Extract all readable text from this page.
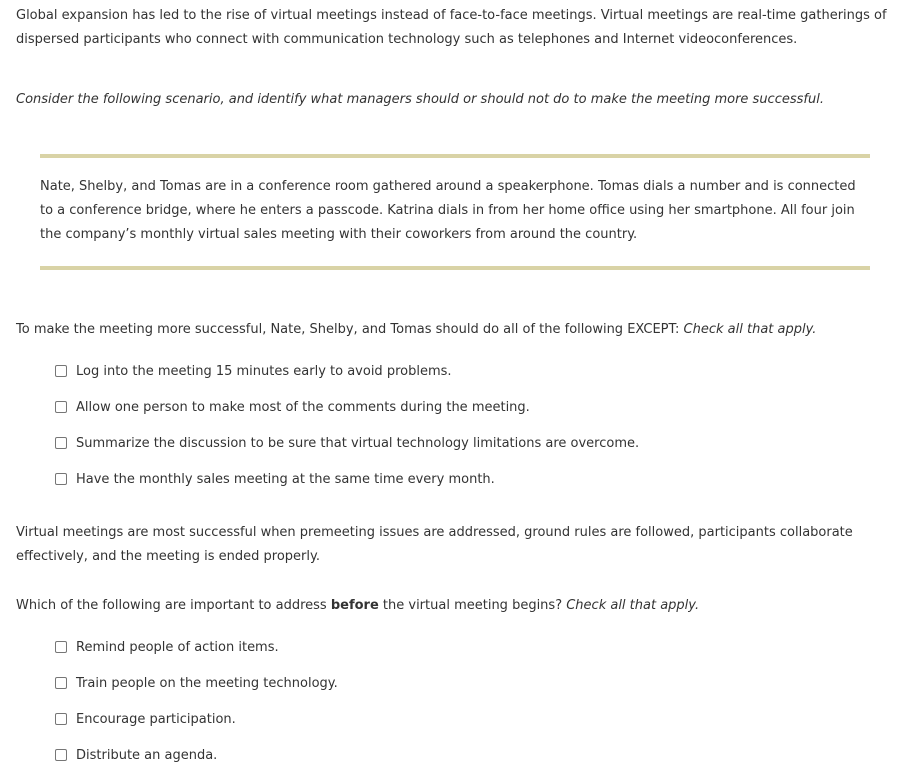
Global expansion has led to the rise of virtual meetings instead of face-to-face meetings. Virtual meetings are real-time gatherings of dispersed participants who connect with communication technology such as telephones and Internet videoconferences.

Consider the following scenario, and identify what managers should or should not do to make the meeting more successful.

Nate, Shelby, and Tomas are in a conference room gathered around a speakerphone. Tomas dials a number and is connected to a conference bridge, where he enters a passcode. Katrina dials in from her home office using her smartphone. All four join the company’s monthly virtual sales meeting with their coworkers from around the country.

To make the meeting more successful, Nate, Shelby, and Tomas should do all of the following EXCEPT: Check all that apply.

Log into the meeting 15 minutes early to avoid problems.
Allow one person to make most of the comments during the meeting.
Summarize the discussion to be sure that virtual technology limitations are overcome.
Have the monthly sales meeting at the same time every month.

Virtual meetings are most successful when premeeting issues are addressed, ground rules are followed, participants collaborate effectively, and the meeting is ended properly.

Which of the following are important to address before the virtual meeting begins? Check all that apply.

Remind people of action items.
Train people on the meeting technology.
Encourage participation.
Distribute an agenda.
